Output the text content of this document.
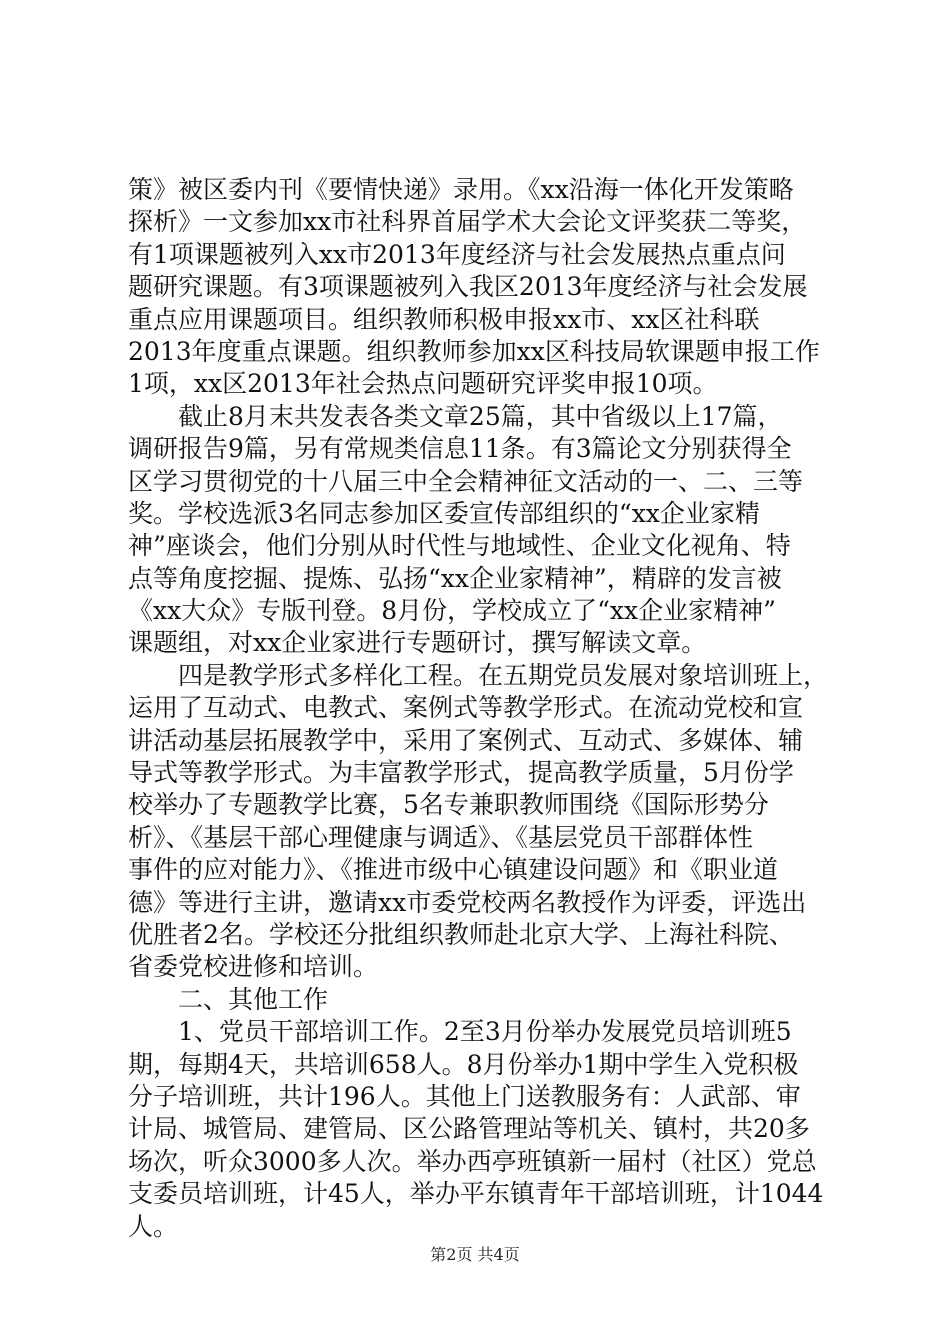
策》被区委内刊《要情快递》录用。《xx沿海一体化开发策略
探析》一文参加xx市社科界首届学术大会论文评奖获二等奖，
有1项课题被列入xx市2013年度经济与社会发展热点重点问
题研究课题。有3项课题被列入我区2013年度经济与社会发展
重点应用课题项目。组织教师积极申报xx市、xx区社科联
2013年度重点课题。组织教师参加xx区科技局软课题申报工作
1项，xx区2013年社会热点问题研究评奖申报10项。
截止8月末共发表各类文章25篇，其中省级以上17篇，
调研报告9篇，另有常规类信息11条。有3篇论文分别获得全
区学习贯彻党的十八届三中全会精神征文活动的一、二、三等
奖。学校选派3名同志参加区委宣传部组织的“xx企业家精
神”座谈会，他们分别从时代性与地域性、企业文化视角、特
点等角度挖掘、提炼、弘扬“xx企业家精神”，精辟的发言被
《xx大众》专版刊登。8月份，学校成立了“xx企业家精神”
课题组，对xx企业家进行专题研讨，撰写解读文章。
四是教学形式多样化工程。在五期党员发展对象培训班上，
运用了互动式、电教式、案例式等教学形式。在流动党校和宣
讲活动基层拓展教学中，采用了案例式、互动式、多媒体、辅
导式等教学形式。为丰富教学形式，提高教学质量，5月份学
校举办了专题教学比赛，5名专兼职教师围绕《国际形势分
析》、《基层干部心理健康与调适》、《基层党员干部群体性
事件的应对能力》、《推进市级中心镇建设问题》和《职业道
德》等进行主讲，邀请xx市委党校两名教授作为评委，评选出
优胜者2名。学校还分批组织教师赴北京大学、上海社科院、
省委党校进修和培训。
二、其他工作
1、党员干部培训工作。2至3月份举办发展党员培训班5
期，每期4天，共培训658人。8月份举办1期中学生入党积极
分子培训班，共计196人。其他上门送教服务有：人武部、审
计局、城管局、建管局、区公路管理站等机关、镇村，共20多
场次，听众3000多人次。举办西亭班镇新一届村（社区）党总
支委员培训班，计45人，举办平东镇青年干部培训班，计1044
人。
第2页 共4页
